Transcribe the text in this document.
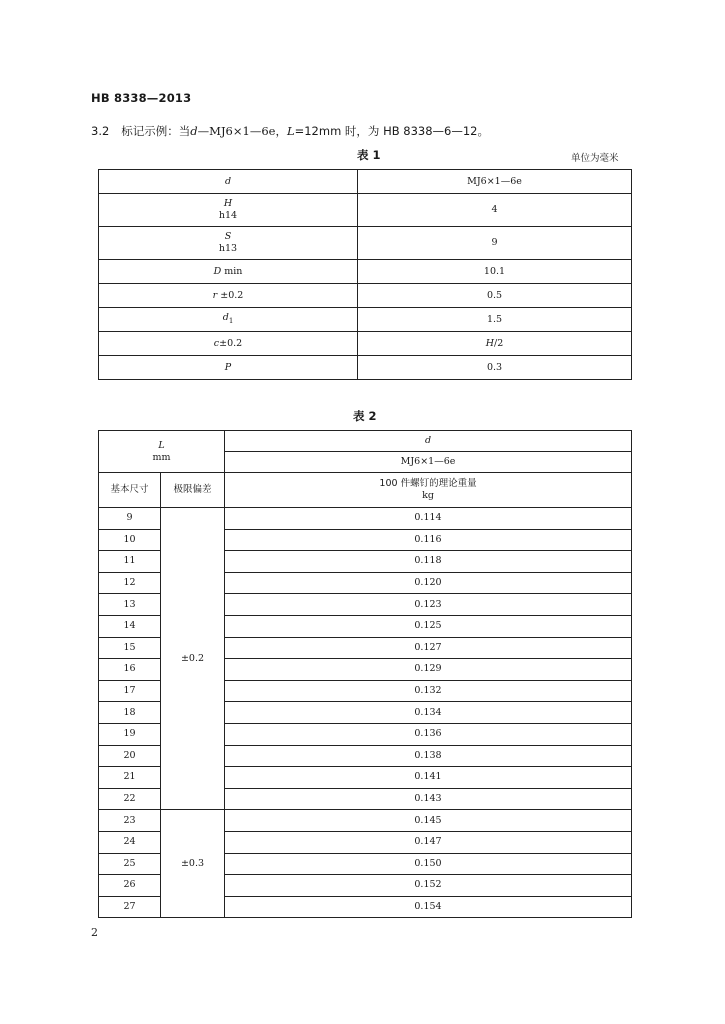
HB 8338—2013
3.2 标记示例：当d—MJ6×1—6e，L=12mm 时，为 HB 8338—6—12。
表 1	单位为毫米
d	MJ6×1—6e
H
h14	4
S
h13	9
D min	10.1
r ±0.2	0.5
$d_1$	1.5
c±0.2	H/2
P	0.3
表 2
L
mm		d
		MJ6×1—6e
基本尺寸	极限偏差	100 件螺钉的理论重量
kg
9	±0.2	0.114
10		0.116
11		0.118
12		0.120
13		0.123
14		0.125
15		0.127
16		0.129
17		0.132
18		0.134
19		0.136
20		0.138
21		0.141
22		0.143
23	±0.3	0.145
24		0.147
25		0.150
26		0.152
27		0.154
2
